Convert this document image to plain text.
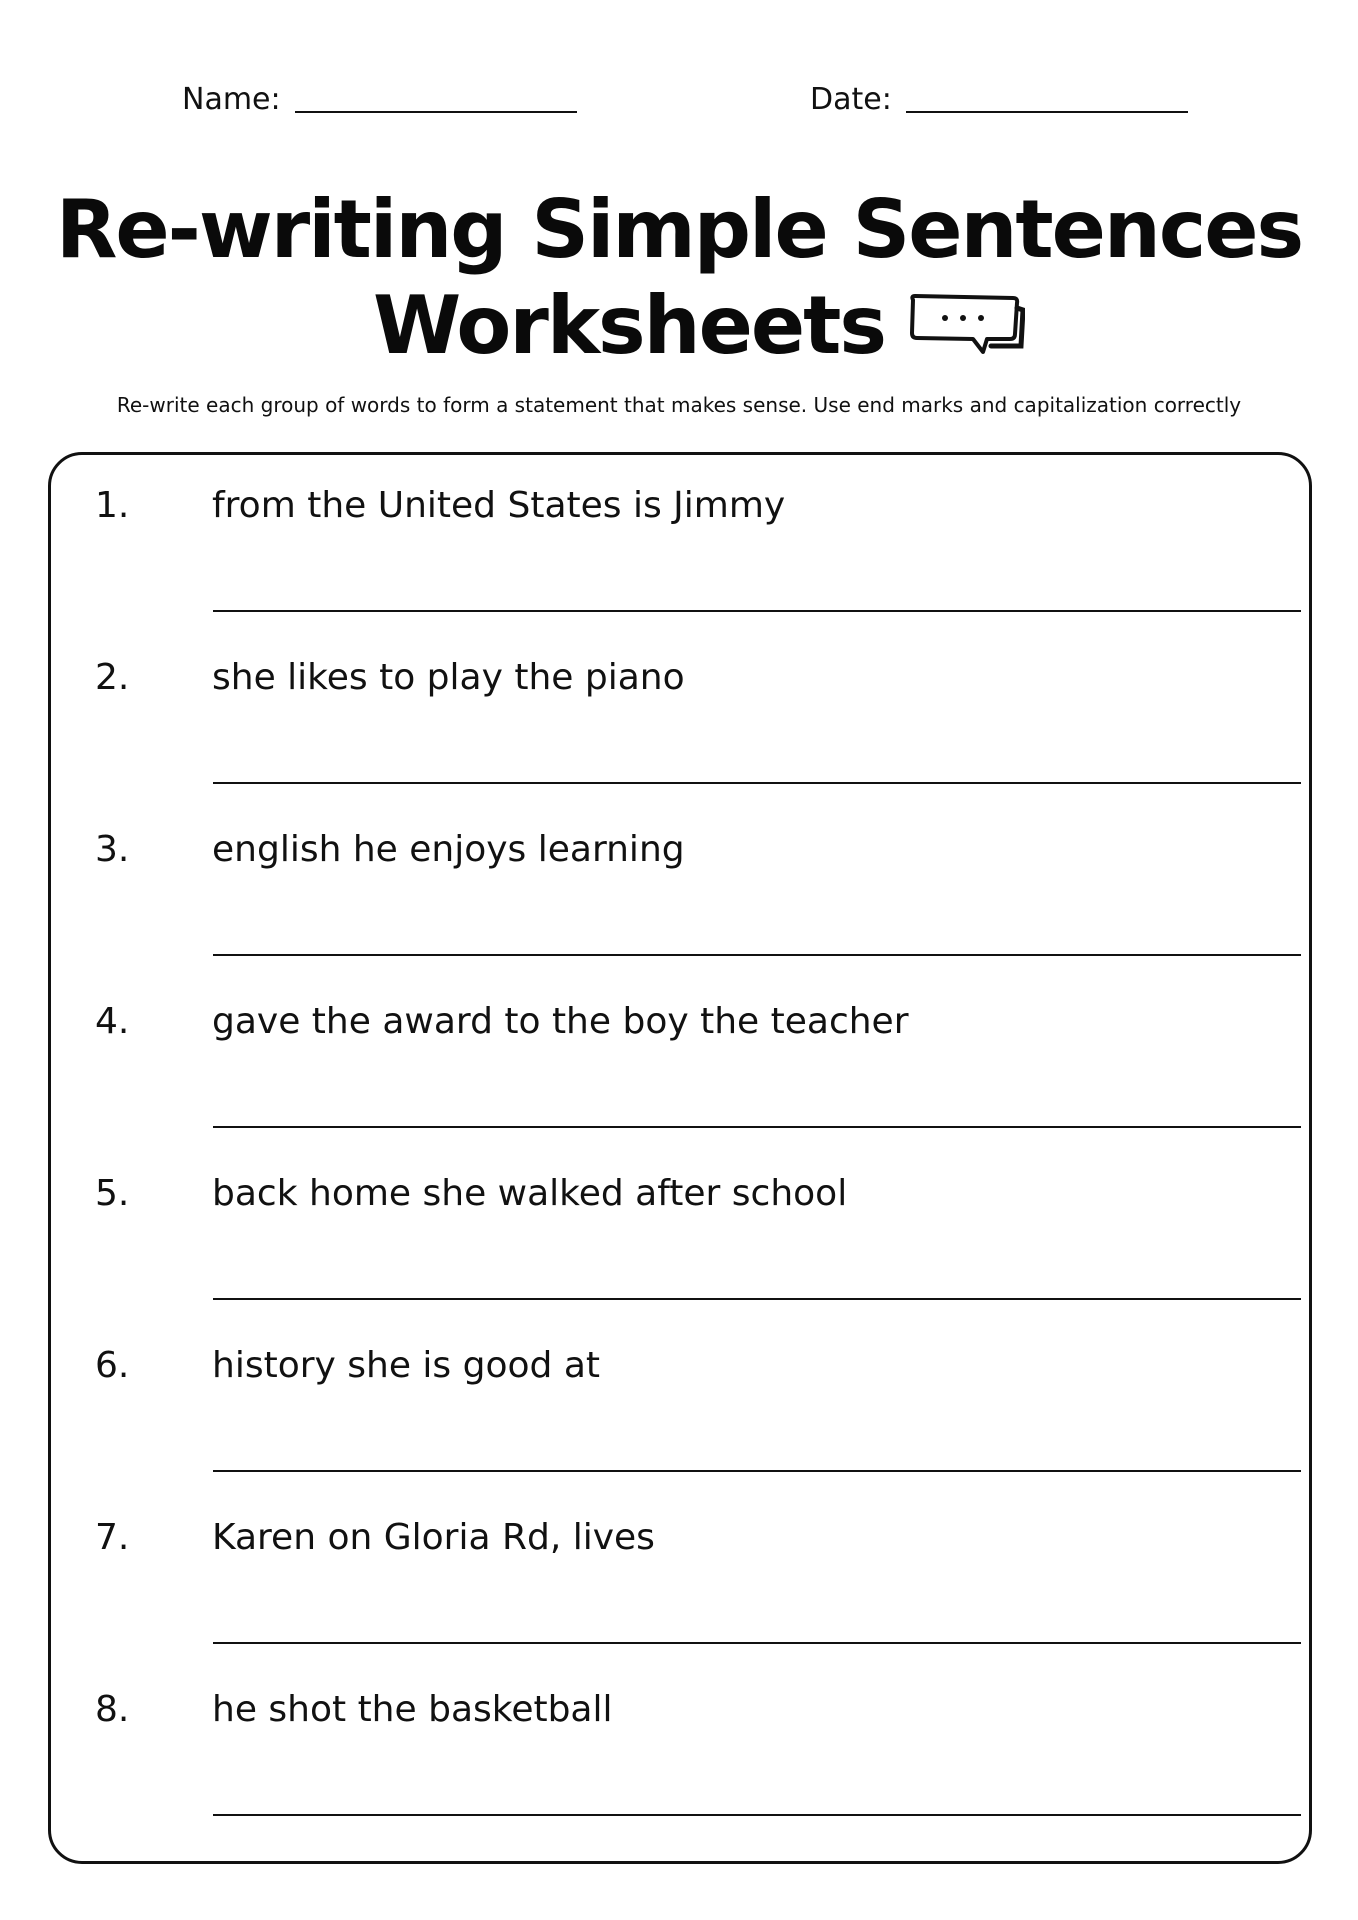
Name:	Date:
Re-writing Simple Sentences
Worksheets
Re-write each group of words to form a statement that makes sense. Use end marks and capitalization correctly
1.	from the United States is Jimmy
2.	she likes to play the piano
3.	english he enjoys learning
4.	gave the award to the boy the teacher
5.	back home she walked after school
6.	history she is good at
7.	Karen on Gloria Rd, lives
8.	he shot the basketball
